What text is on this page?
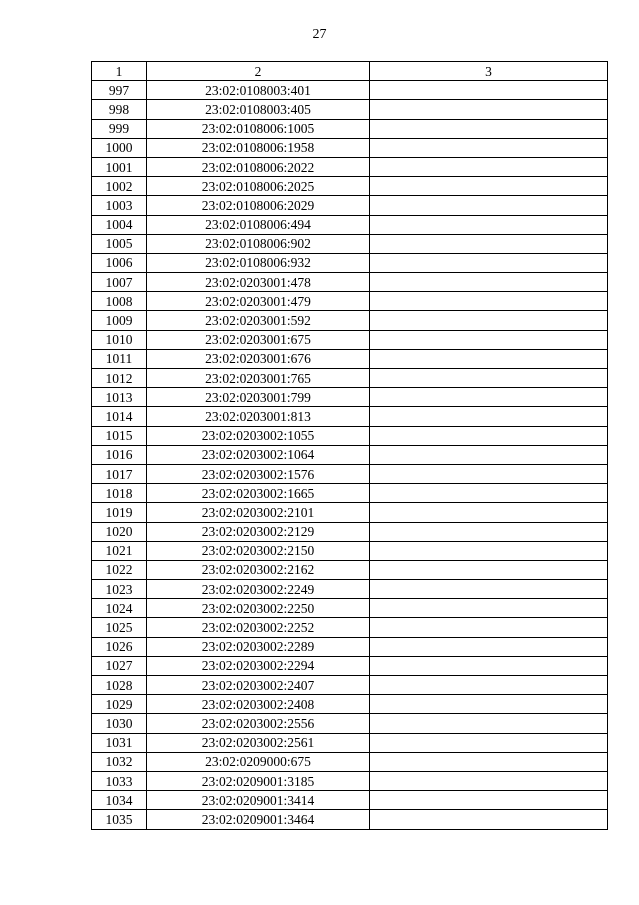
27
1	2	3
997	23:02:0108003:401	
998	23:02:0108003:405	
999	23:02:0108006:1005	
1000	23:02:0108006:1958	
1001	23:02:0108006:2022	
1002	23:02:0108006:2025	
1003	23:02:0108006:2029	
1004	23:02:0108006:494	
1005	23:02:0108006:902	
1006	23:02:0108006:932	
1007	23:02:0203001:478	
1008	23:02:0203001:479	
1009	23:02:0203001:592	
1010	23:02:0203001:675	
1011	23:02:0203001:676	
1012	23:02:0203001:765	
1013	23:02:0203001:799	
1014	23:02:0203001:813	
1015	23:02:0203002:1055	
1016	23:02:0203002:1064	
1017	23:02:0203002:1576	
1018	23:02:0203002:1665	
1019	23:02:0203002:2101	
1020	23:02:0203002:2129	
1021	23:02:0203002:2150	
1022	23:02:0203002:2162	
1023	23:02:0203002:2249	
1024	23:02:0203002:2250	
1025	23:02:0203002:2252	
1026	23:02:0203002:2289	
1027	23:02:0203002:2294	
1028	23:02:0203002:2407	
1029	23:02:0203002:2408	
1030	23:02:0203002:2556	
1031	23:02:0203002:2561	
1032	23:02:0209000:675	
1033	23:02:0209001:3185	
1034	23:02:0209001:3414	
1035	23:02:0209001:3464	
